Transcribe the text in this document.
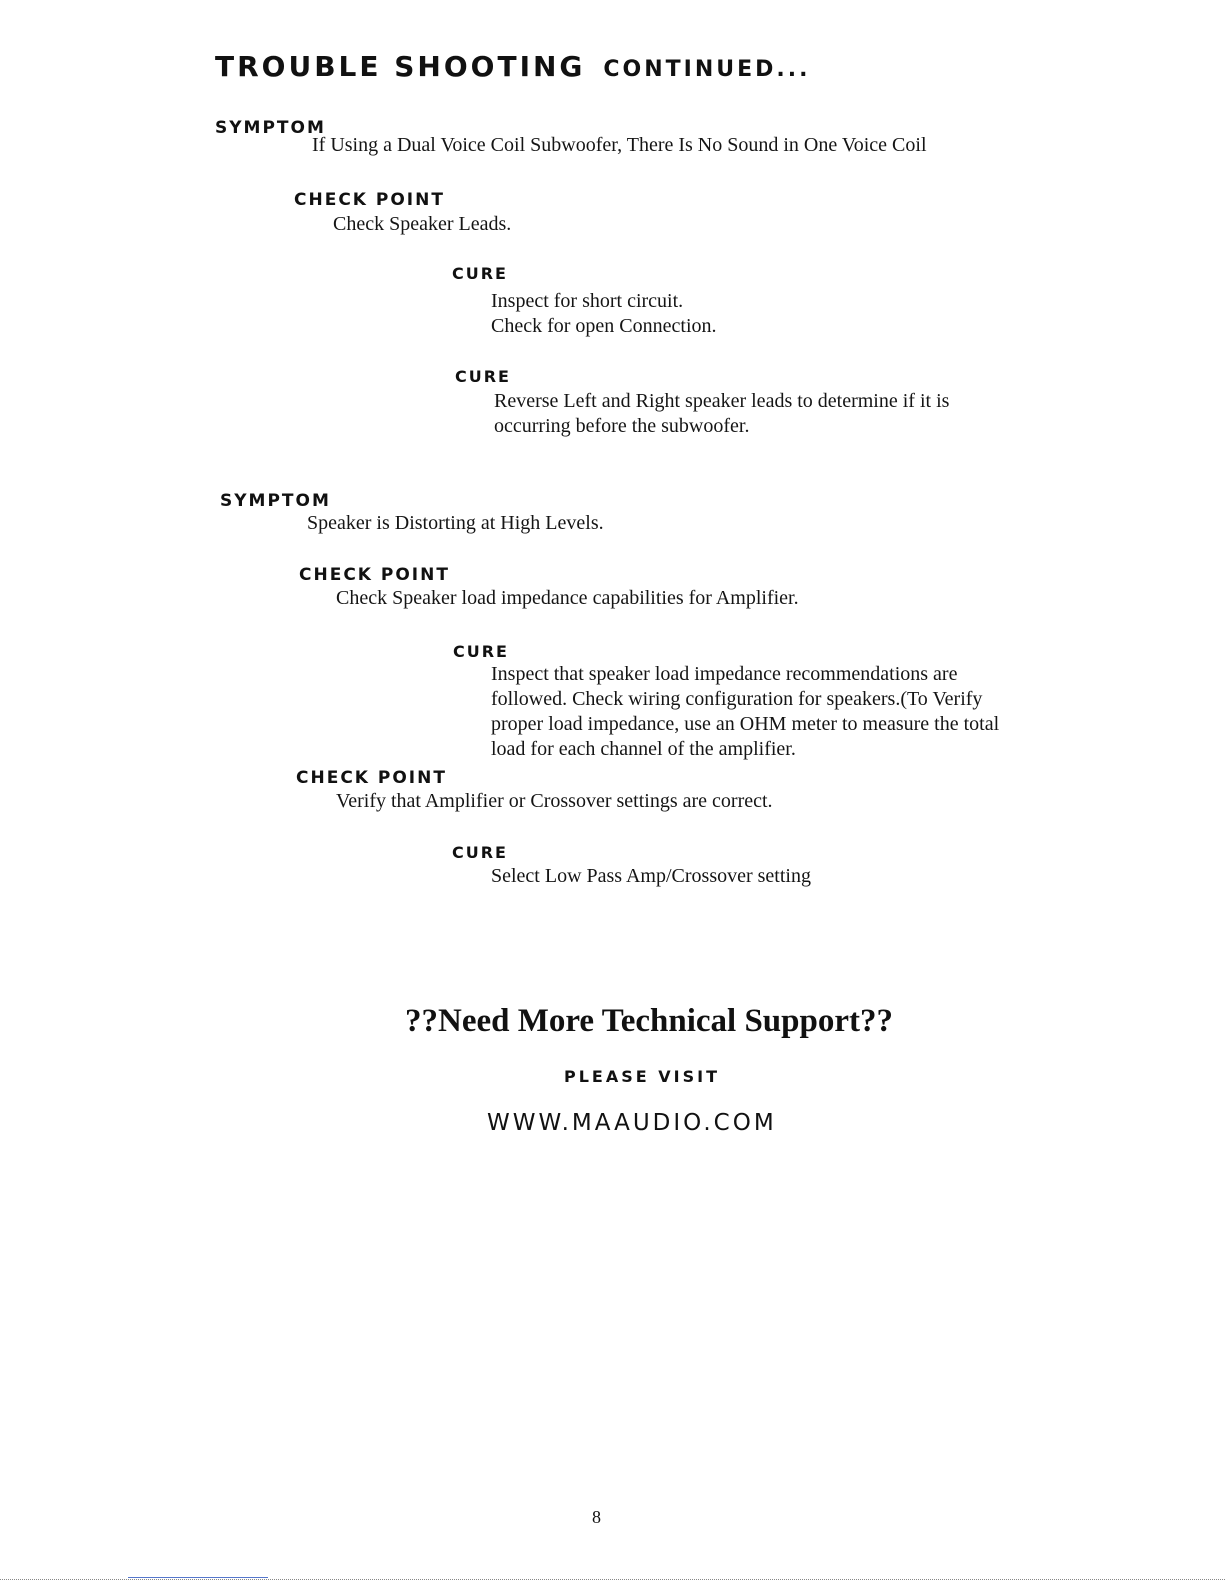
TROUBLE SHOOTING CONTINUED...
SYMPTOM
If Using a Dual Voice Coil Subwoofer, There Is No Sound in One Voice Coil
CHECK POINT
Check Speaker Leads.
CURE
Inspect for short circuit.
Check for open Connection.
CURE
Reverse Left and Right speaker leads to determine if it is
occurring before the subwoofer.
SYMPTOM
Speaker is Distorting at High Levels.
CHECK POINT
Check Speaker load impedance capabilities for Amplifier.
CURE
Inspect that speaker load impedance recommendations are
followed. Check wiring configuration for speakers.(To Verify
proper load impedance, use an OHM meter to measure the total
load for each channel of the amplifier.
CHECK POINT
Verify that Amplifier or Crossover settings are correct.
CURE
Select Low Pass Amp/Crossover setting
??Need More Technical Support??
PLEASE VISIT
WWW.MAAUDIO.COM
8
